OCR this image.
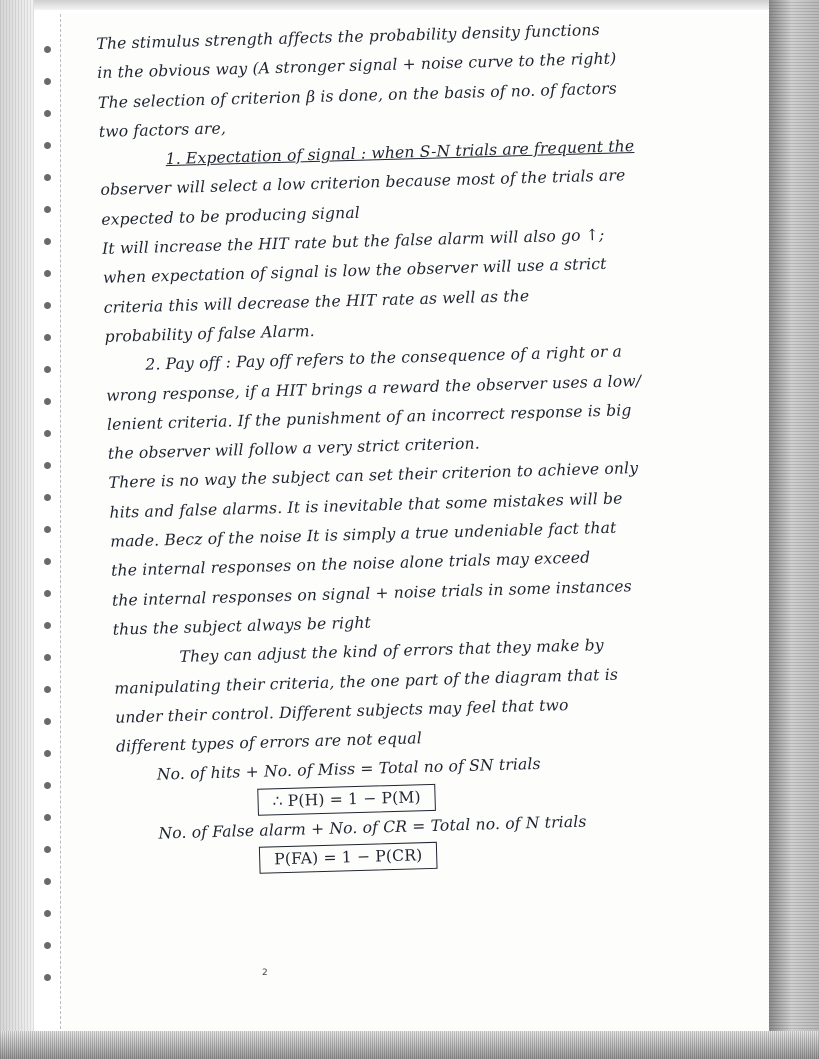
The stimulus strength affects the probability density functions
in the obvious way (A stronger signal + noise curve to the right)
The selection of criterion β is done, on the basis of no. of factors
two factors are,
1. Expectation of signal : when S-N trials are frequent the
observer will select a low criterion because most of the trials are
expected to be producing signal
It will increase the HIT rate but the false alarm will also go ↑;
when expectation of signal is low the observer will use a strict
criteria this will decrease the HIT rate as well as the
probability of false Alarm.
2. Pay off : Pay off refers to the consequence of a right or a
wrong response, if a HIT brings a reward the observer uses a low/
lenient criteria. If the punishment of an incorrect response is big
the observer will follow a very strict criterion.
There is no way the subject can set their criterion to achieve only
hits and false alarms. It is inevitable that some mistakes will be
made. Becz of the noise It is simply a true undeniable fact that
the internal responses on the noise alone trials may exceed
the internal responses on signal + noise trials in some instances
thus the subject always be right
They can adjust the kind of errors that they make by
manipulating their criteria, the one part of the diagram that is
under their control. Different subjects may feel that two
different types of errors are not equal
No. of hits + No. of Miss = Total no of SN trials
∴ P(H) = 1 − P(M)
No. of False alarm + No. of CR = Total no. of N trials
P(FA) = 1 − P(CR)
2
